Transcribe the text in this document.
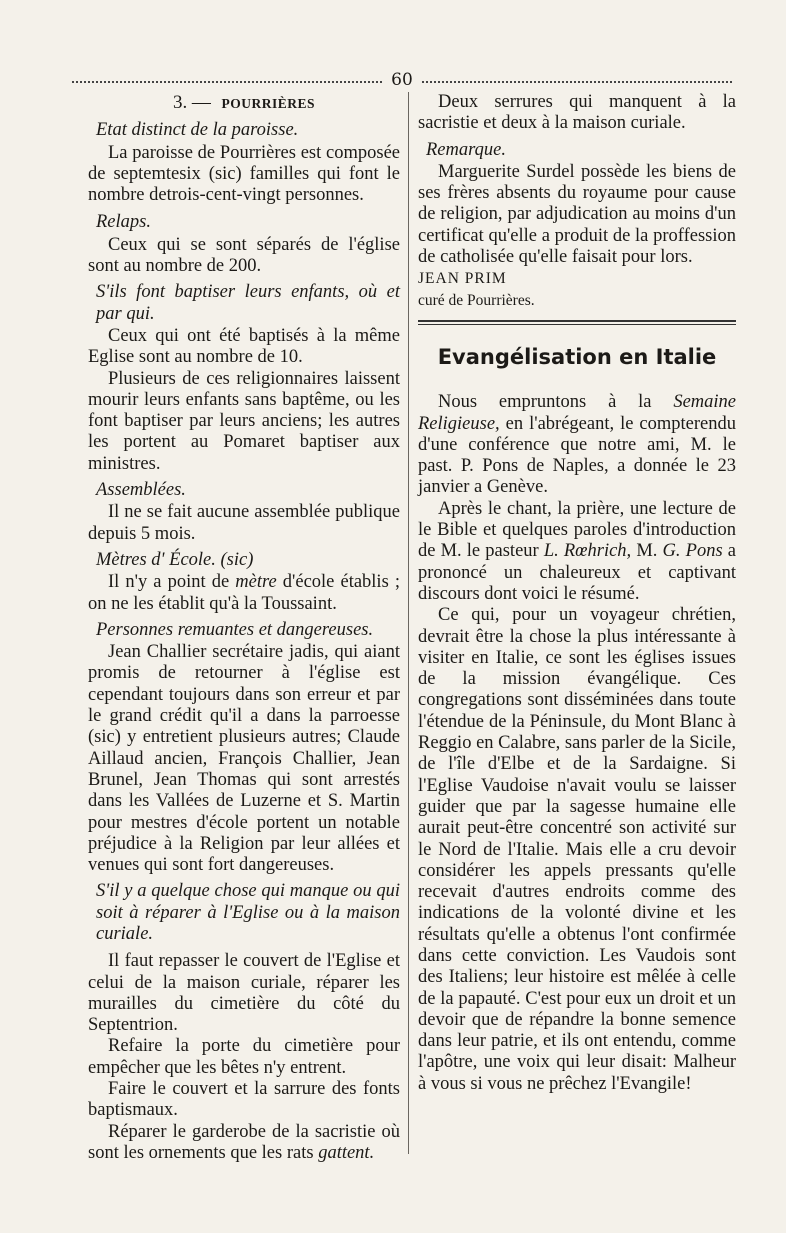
60
3. — POURRIÈRES

Etat distinct de la paroisse.

La paroisse de Pourrières est composée de septemtesix (sic) familles qui font le nombre detrois-cent-vingt personnes.

Relaps.

Ceux qui se sont séparés de l'église sont au nombre de 200.

S'ils font baptiser leurs enfants, où et par qui.

Ceux qui ont été baptisés à la même Eglise sont au nombre de 10.

Plusieurs de ces religionnaires laissent mourir leurs enfants sans baptême, ou les font baptiser par leurs anciens; les autres les portent au Pomaret baptiser aux ministres.

Assemblées.

Il ne se fait aucune assemblée publique depuis 5 mois.

Mètres d' École. (sic)

Il n'y a point de mètre d'école établis ; on ne les établit qu'à la Toussaint.

Personnes remuantes et dangereuses.

Jean Challier secrétaire jadis, qui aiant promis de retourner à l'église est cependant toujours dans son erreur et par le grand crédit qu'il a dans la parroesse (sic) y entretient plusieurs autres; Claude Aillaud ancien, François Challier, Jean Brunel, Jean Thomas qui sont arrestés dans les Vallées de Luzerne et S. Martin pour mestres d'école portent un notable préjudice à la Religion par leur allées et venues qui sont fort dangereuses.

S'il y a quelque chose qui manque ou qui soit à réparer à l'Eglise ou à la maison curiale.

Il faut repasser le couvert de l'Eglise et celui de la maison curiale, réparer les murailles du cimetière du côté du Septentrion.

Refaire la porte du cimetière pour empêcher que les bêtes n'y entrent.

Faire le couvert et la sarrure des fonts baptismaux.

Réparer le garderobe de la sacristie où sont les ornements que les rats gattent.

Deux serrures qui manquent à la sacristie et deux à la maison curiale.

Remarque.

Marguerite Surdel possède les biens de ses frères absents du royaume pour cause de religion, par adjudication au moins d'un certificat qu'elle a produit de la proffession de catholisée qu'elle faisait pour lors.

JEAN PRIM

curé de Pourrières.

Evangélisation en Italie

Nous empruntons à la Semaine Religieuse, en l'abrégeant, le compterendu d'une conférence que notre ami, M. le past. P. Pons de Naples, a donnée le 23 janvier a Genève.

Après le chant, la prière, une lecture de le Bible et quelques paroles d'introduction de M. le pasteur L. Rœhrich, M. G. Pons a prononcé un chaleureux et captivant discours dont voici le résumé.

Ce qui, pour un voyageur chrétien, devrait être la chose la plus intéressante à visiter en Italie, ce sont les églises issues de la mission évangélique. Ces congregations sont disséminées dans toute l'étendue de la Péninsule, du Mont Blanc à Reggio en Calabre, sans parler de la Sicile, de l'île d'Elbe et de la Sardaigne. Si l'Eglise Vaudoise n'avait voulu se laisser guider que par la sagesse humaine elle aurait peut-être concentré son activité sur le Nord de l'Italie. Mais elle a cru devoir considérer les appels pressants qu'elle recevait d'autres endroits comme des indications de la volonté divine et les résultats qu'elle a obtenus l'ont confirmée dans cette conviction. Les Vaudois sont des Italiens; leur histoire est mêlée à celle de la papauté. C'est pour eux un droit et un devoir que de répandre la bonne semence dans leur patrie, et ils ont entendu, comme l'apôtre, une voix qui leur disait: Malheur à vous si vous ne prêchez l'Evangile!
